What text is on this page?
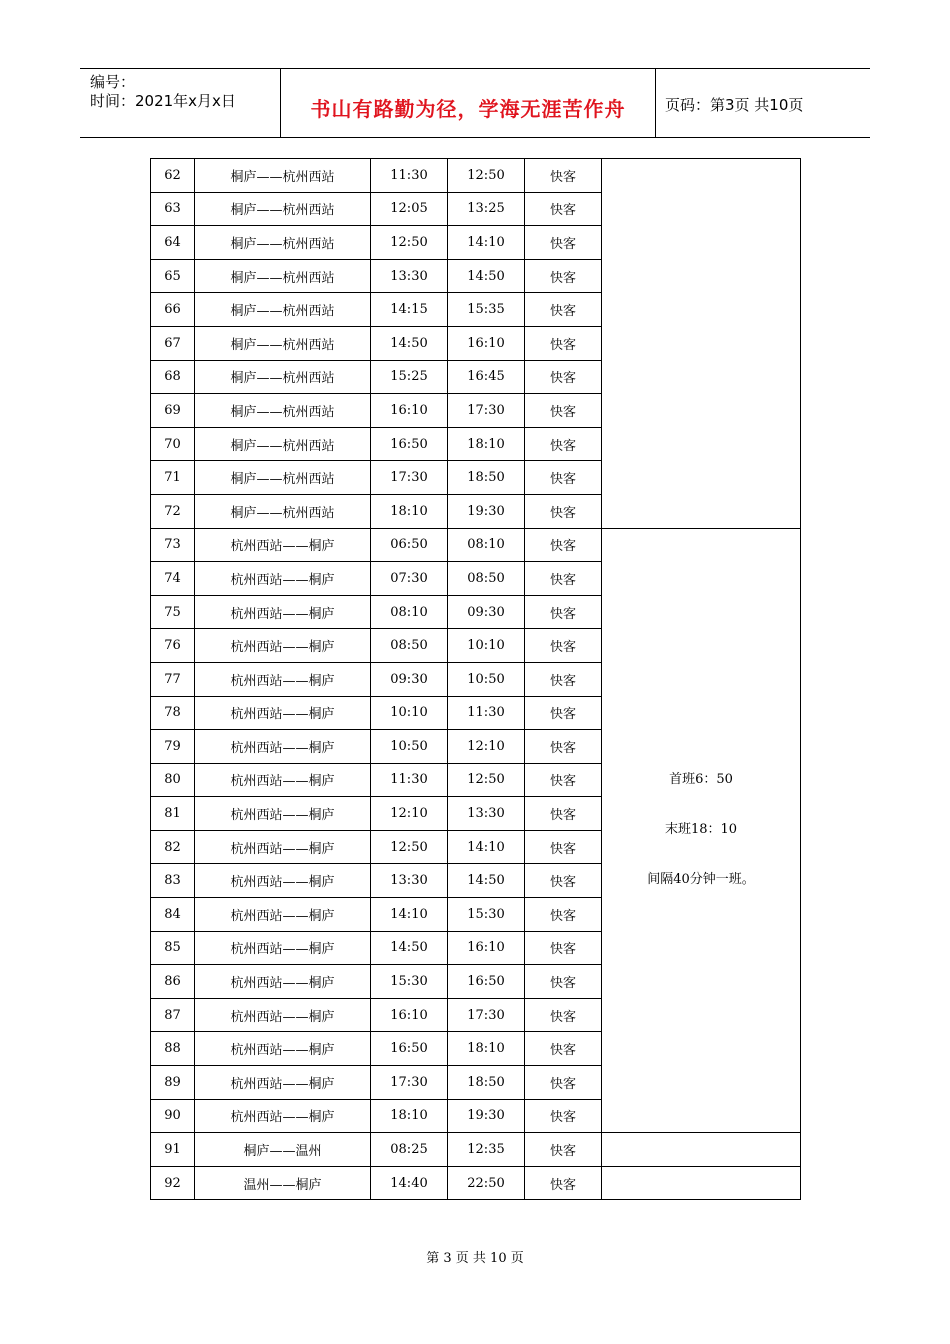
编号：
时间：2021年x月x日	书山有路勤为径，学海无涯苦作舟	页码：第3页 共10页
62	桐庐——杭州西站	11:30	12:50	快客	
63	桐庐——杭州西站	12:05	13:25	快客	
64	桐庐——杭州西站	12:50	14:10	快客	
65	桐庐——杭州西站	13:30	14:50	快客	
66	桐庐——杭州西站	14:15	15:35	快客	
67	桐庐——杭州西站	14:50	16:10	快客	
68	桐庐——杭州西站	15:25	16:45	快客	
69	桐庐——杭州西站	16:10	17:30	快客	
70	桐庐——杭州西站	16:50	18:10	快客	
71	桐庐——杭州西站	17:30	18:50	快客	
72	桐庐——杭州西站	18:10	19:30	快客	
73	杭州西站——桐庐	06:50	08:10	快客	首班6：50
末班18：10
间隔40分钟一班。

74	杭州西站——桐庐	07:30	08:50	快客	
75	杭州西站——桐庐	08:10	09:30	快客	
76	杭州西站——桐庐	08:50	10:10	快客	
77	杭州西站——桐庐	09:30	10:50	快客	
78	杭州西站——桐庐	10:10	11:30	快客	
79	杭州西站——桐庐	10:50	12:10	快客	
80	杭州西站——桐庐	11:30	12:50	快客	
81	杭州西站——桐庐	12:10	13:30	快客	
82	杭州西站——桐庐	12:50	14:10	快客	
83	杭州西站——桐庐	13:30	14:50	快客	
84	杭州西站——桐庐	14:10	15:30	快客	
85	杭州西站——桐庐	14:50	16:10	快客	
86	杭州西站——桐庐	15:30	16:50	快客	
87	杭州西站——桐庐	16:10	17:30	快客	
88	杭州西站——桐庐	16:50	18:10	快客	
89	杭州西站——桐庐	17:30	18:50	快客	
90	杭州西站——桐庐	18:10	19:30	快客	
91	桐庐——温州	08:25	12:35	快客	
92	温州——桐庐	14:40	22:50	快客	
第 3 页 共 10 页
